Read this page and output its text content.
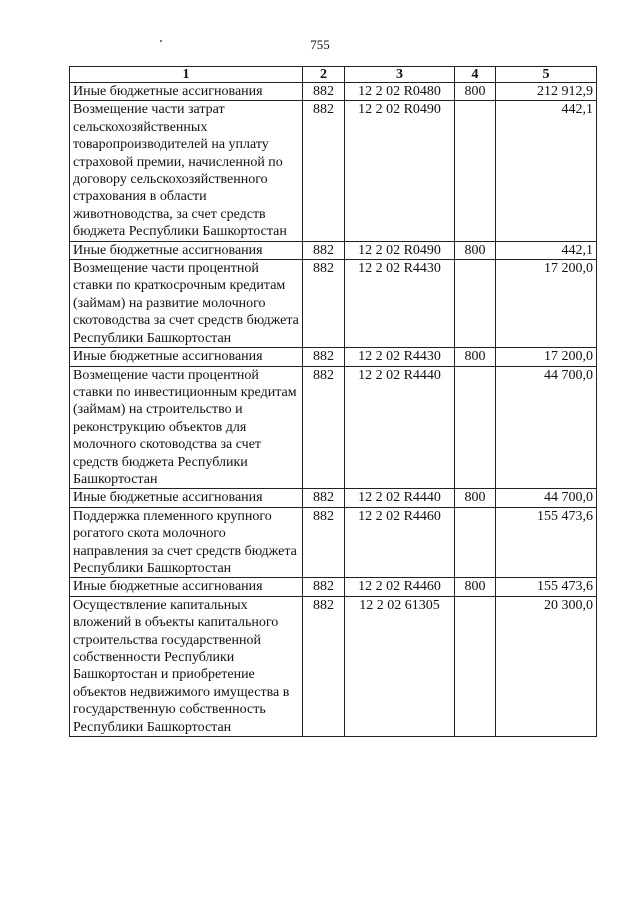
755
1	2	3	4	5
Иные бюджетные ассигнования	882	12 2 02 R0480	800	212 912,9
Возмещение части затрат сельскохозяйственных товаропроизводителей на уплату страховой премии, начисленной по договору сельскохозяйственного страхования в области животноводства, за счет средств бюджета Республики Башкортостан	882	12 2 02 R0490		442,1
Иные бюджетные ассигнования	882	12 2 02 R0490	800	442,1
Возмещение части процентной ставки по краткосрочным кредитам (займам) на развитие молочного скотоводства за счет средств бюджета Республики Башкортостан	882	12 2 02 R4430		17 200,0
Иные бюджетные ассигнования	882	12 2 02 R4430	800	17 200,0
Возмещение части процентной ставки по инвестиционным кредитам (займам) на строительство и реконструкцию объектов для молочного скотоводства за счет средств бюджета Республики Башкортостан	882	12 2 02 R4440		44 700,0
Иные бюджетные ассигнования	882	12 2 02 R4440	800	44 700,0
Поддержка племенного крупного рогатого скота молочного направления за счет средств бюджета Республики Башкортостан	882	12 2 02 R4460		155 473,6
Иные бюджетные ассигнования	882	12 2 02 R4460	800	155 473,6
Осуществление капитальных вложений в объекты капитального строительства государственной собственности Республики Башкортостан и приобретение объектов недвижимого имущества в государственную собственность Республики Башкортостан	882	12 2 02 61305		20 300,0
